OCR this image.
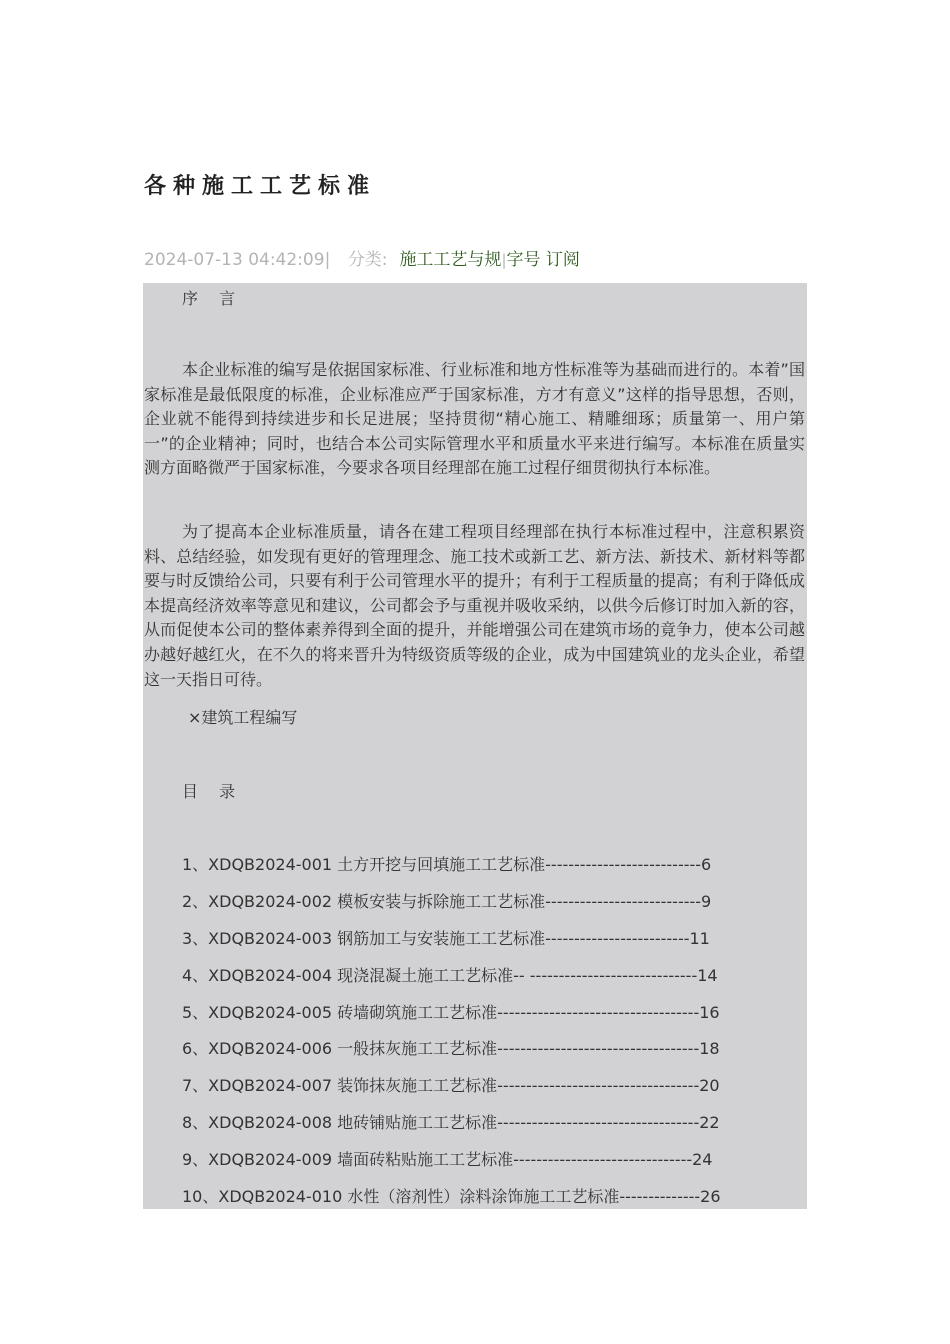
各种施工工艺标准
2024-07-13 04:42:09| 分类: 施工工艺与规|字号 订阅

序 言

本企业标准的编写是依据国家标准、行业标准和地方性标准等为基础而进行的。本着”国家标准是最低限度的标准，企业标准应严于国家标准，方才有意义”这样的指导思想，否则，企业就不能得到持续进步和长足进展；坚持贯彻“精心施工、精雕细琢；质量第一、用户第一”的企业精神；同时，也结合本公司实际管理水平和质量水平来进行编写。本标准在质量实测方面略微严于国家标准，今要求各项目经理部在施工过程仔细贯彻执行本标准。

为了提高本企业标准质量，请各在建工程项目经理部在执行本标准过程中，注意积累资料、总结经验，如发现有更好的管理理念、施工技术或新工艺、新方法、新技术、新材料等都要与时反馈给公司，只要有利于公司管理水平的提升；有利于工程质量的提高；有利于降低成本提高经济效率等意见和建议，公司都会予与重视并吸收采纳，以供今后修订时加入新的容，从而促使本公司的整体素养得到全面的提升，并能增强公司在建筑市场的竟争力，使本公司越办越好越红火，在不久的将来晋升为特级资质等级的企业，成为中国建筑业的龙头企业，希望这一天指日可待。

×建筑工程编写

目 录

1、XDQB2024-001 土方开挖与回填施工工艺标准---------------------------6
2、XDQB2024-002 模板安装与拆除施工工艺标准---------------------------9
3、XDQB2024-003 钢筋加工与安装施工工艺标准-------------------------11
4、XDQB2024-004 现浇混凝土施工工艺标准-- -----------------------------14
5、XDQB2024-005 砖墙砌筑施工工艺标准-----------------------------------16
6、XDQB2024-006 一般抹灰施工工艺标准-----------------------------------18
7、XDQB2024-007 装饰抹灰施工工艺标准-----------------------------------20
8、XDQB2024-008 地砖铺贴施工工艺标准-----------------------------------22
9、XDQB2024-009 墙面砖粘贴施工工艺标准-------------------------------24
10、XDQB2024-010 水性（溶剂性）涂料涂饰施工工艺标准--------------26
